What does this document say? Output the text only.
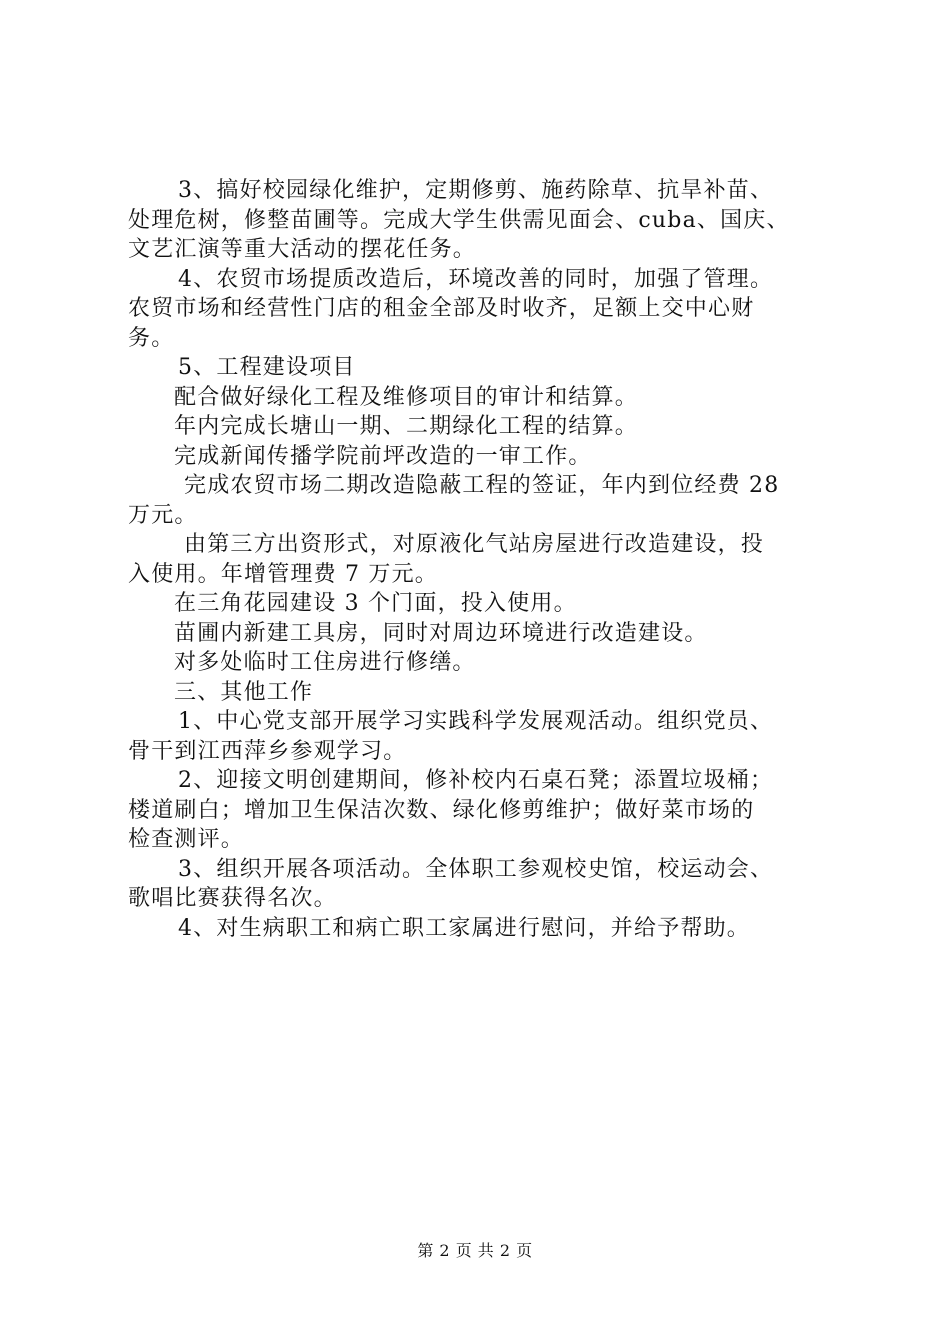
3、搞好校园绿化维护，定期修剪、施药除草、抗旱补苗、
处理危树，修整苗圃等。完成大学生供需见面会、cuba、国庆、
文艺汇演等重大活动的摆花任务。
4、农贸市场提质改造后，环境改善的同时，加强了管理。
农贸市场和经营性门店的租金全部及时收齐，足额上交中心财
务。
5、工程建设项目
配合做好绿化工程及维修项目的审计和结算。
年内完成长塘山一期、二期绿化工程的结算。
完成新闻传播学院前坪改造的一审工作。
完成农贸市场二期改造隐蔽工程的签证，年内到位经费 28
万元。
由第三方出资形式，对原液化气站房屋进行改造建设，投
入使用。年增管理费 7 万元。
在三角花园建设 3 个门面，投入使用。
苗圃内新建工具房，同时对周边环境进行改造建设。
对多处临时工住房进行修缮。
三、其他工作
1、中心党支部开展学习实践科学发展观活动。组织党员、
骨干到江西萍乡参观学习。
2、迎接文明创建期间，修补校内石桌石凳；添置垃圾桶；
楼道刷白；增加卫生保洁次数、绿化修剪维护；做好菜市场的
检查测评。
3、组织开展各项活动。全体职工参观校史馆，校运动会、
歌唱比赛获得名次。
4、对生病职工和病亡职工家属进行慰问，并给予帮助。
第 2 页 共 2 页
